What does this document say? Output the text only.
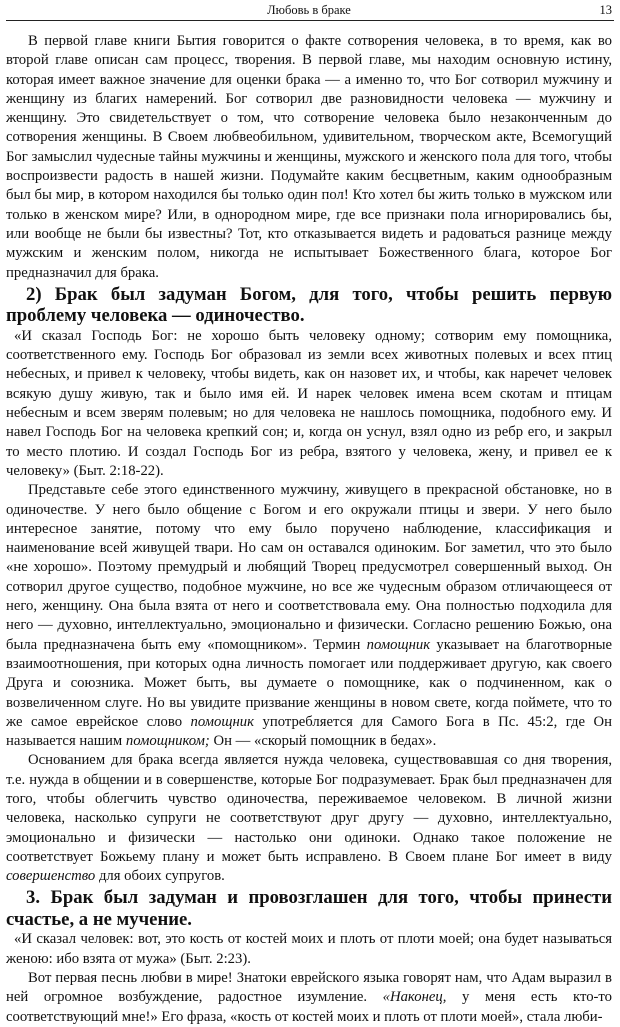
Любовь в браке	13

В первой главе книги Бытия говорится о факте сотворения человека, в то время, как во второй главе описан сам процесс, творения. В первой главе, мы находим основную истину, которая имеет важное значение для оценки брака — а именно то, что Бог сотворил мужчину и женщину из благих намерений. Бог сотворил две разновидности человека — мужчину и женщину. Это свидетельствует о том, что сотворение человека было незаконченным до сотворения женщины. В Своем любвеобильном, удивительном, творческом акте, Всемогущий Бог замыслил чудесные тайны мужчины и женщины, мужского и женского пола для того, чтобы воспроизвести радость в нашей жизни. Подумайте каким бесцветным, каким однообразным был бы мир, в котором находился бы только один пол! Кто хотел бы жить только в мужском или только в женском мире? Или, в однородном мире, где все признаки пола игнорировались бы, или вообще не были бы известны? Тот, кто отказывается видеть и радоваться разнице между мужским и женским полом, никогда не испытывает Божественного блага, которое Бог предназначил для брака.

2) Брак был задуман Богом, для того, чтобы решить первую проблему человека — одиночество.

«И сказал Господь Бог: не хорошо быть человеку одному; сотворим ему помощника, соответственного ему. Господь Бог образовал из земли всех животных полевых и всех птиц небесных, и привел к человеку, чтобы видеть, как он назовет их, и чтобы, как наречет человек всякую душу живую, так и было имя ей. И нарек человек имена всем скотам и птицам небесным и всем зверям полевым; но для человека не нашлось помощника, подобного ему. И навел Господь Бог на человека крепкий сон; и, когда он уснул, взял одно из ребр его, и закрыл то место плотию. И создал Господь Бог из ребра, взятого у человека, жену, и привел ее к человеку» (Быт. 2:18-22).

Представьте себе этого единственного мужчину, живущего в прекрасной обстановке, но в одиночестве. У него было общение с Богом и его окружали птицы и звери. У него было интересное занятие, потому что ему было поручено наблюдение, классификация и наименование всей живущей твари. Но сам он оставался одиноким. Бог заметил, что это было «не хорошо». Поэтому премудрый и любящий Творец предусмотрел совершенный выход. Он сотворил другое существо, подобное мужчине, но все же чудесным образом отличающееся от него, женщину. Она была взята от него и соответствовала ему. Она полностью подходила для него — духовно, интеллектуально, эмоционально и физически. Согласно решению Божью, она была предназначена быть ему «помощником». Термин помощник указывает на благотворные взаимоотношения, при которых одна личность помогает или поддерживает другую, как своего Друга и союзника. Может быть, вы думаете о помощнике, как о подчиненном, как о возвеличенном слуге. Но вы увидите призвание женщины в новом свете, когда поймете, что то же самое еврейское слово помощник употребляется для Самого Бога в Пс. 45:2, где Он называется нашим помощником; Он — «скорый помощник в бедах».

Основанием для брака всегда является нужда человека, существовавшая со дня творения, т.е. нужда в общении и в совершенстве, которые Бог подразумевает. Брак был предназначен для того, чтобы облегчить чувство одиночества, переживаемое человеком. В личной жизни человека, насколько супруги не соответствуют друг другу — духовно, интеллектуально, эмоционально и физически — настолько они одиноки. Однако такое положение не соответствует Божьему плану и может быть исправлено. В Своем плане Бог имеет в виду совершенство для обоих супругов.

3. Брак был задуман и провозглашен для того, чтобы принести счастье, а не мучение.

«И сказал человек: вот, это кость от костей моих и плоть от плоти моей; она будет называться женою: ибо взята от мужа» (Быт. 2:23).

Вот первая песнь любви в мире! Знатоки еврейского языка говорят нам, что Адам выразил в ней огромное возбуждение, радостное изумление. «Наконец, у меня есть кто-то соответствующий мне!» Его фраза, «кость от костей моих и плоть от плоти моей», стала люби-
